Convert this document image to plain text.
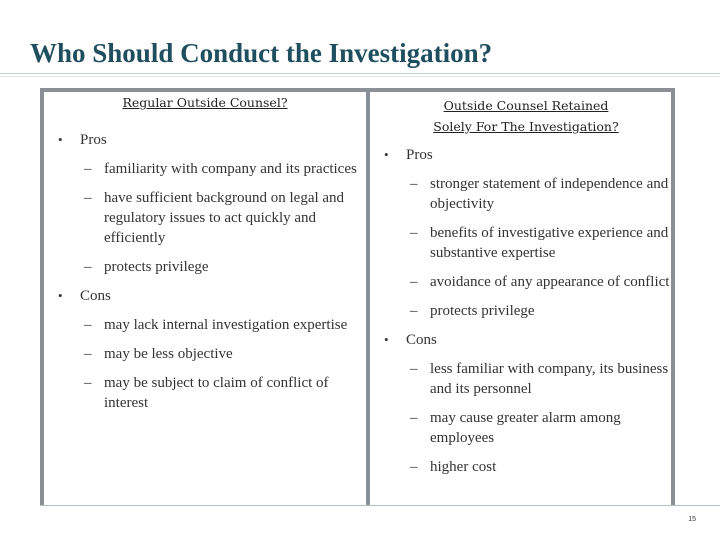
Who Should Conduct the Investigation?
15
Regular Outside Counsel?
• Pros
– familiarity with company and its practices
– have sufficient background on legal and regulatory issues to act quickly and efficiently
– protects privilege
• Cons
– may lack internal investigation expertise
– may be less objective
– may be subject to claim of conflict of interest
Outside Counsel Retained
Solely For The Investigation?
• Pros
– stronger statement of independence and objectivity
– benefits of investigative experience and substantive expertise
– avoidance of any appearance of conflict
– protects privilege
• Cons
– less familiar with company, its business and its personnel
– may cause greater alarm among employees
– higher cost
